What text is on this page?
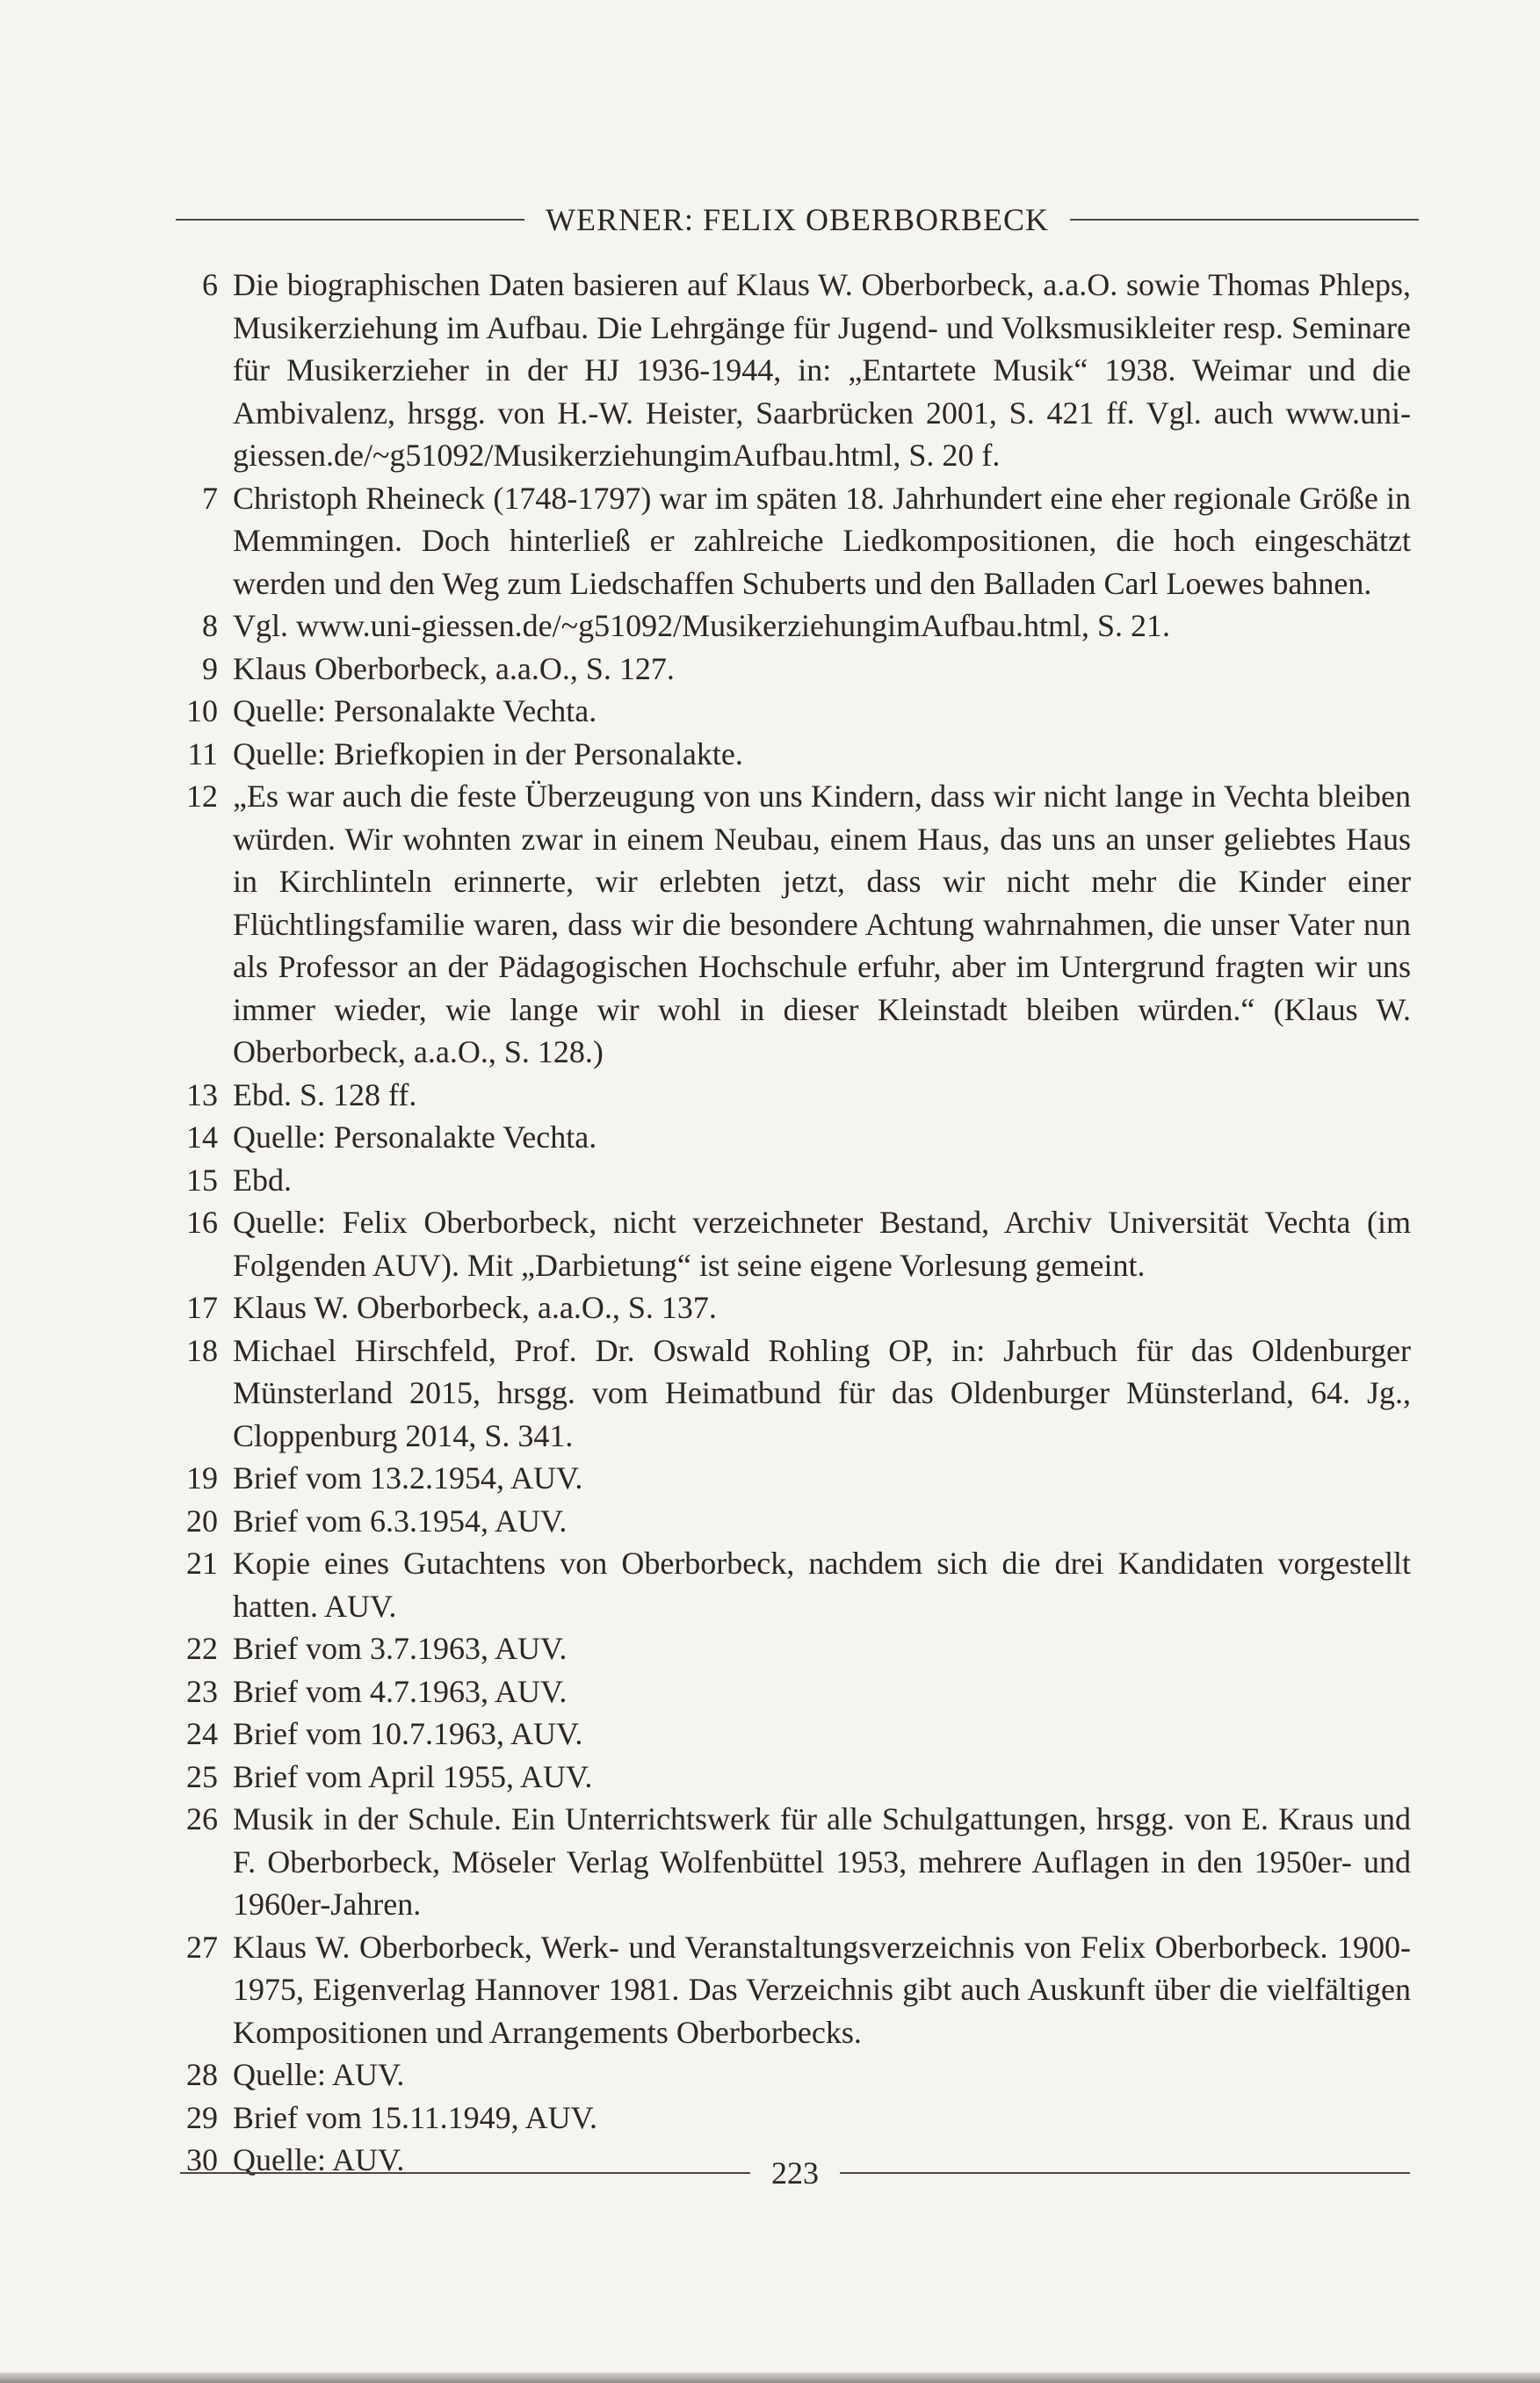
WERNER: FELIX OBERBORBECK
6 Die biographischen Daten basieren auf Klaus W. Oberborbeck, a.a.O. sowie Thomas Phleps, Musikerziehung im Aufbau. Die Lehrgänge für Jugend- und Volksmusikleiter resp. Seminare für Musikerzieher in der HJ 1936-1944, in: „Entartete Musik“ 1938. Weimar und die Ambivalenz, hrsgg. von H.-W. Heister, Saarbrücken 2001, S. 421 ff. Vgl. auch www.uni-giessen.de/~g51092/MusikerziehungimAufbau.html, S. 20 f.
7 Christoph Rheineck (1748-1797) war im späten 18. Jahrhundert eine eher regionale Größe in Memmingen. Doch hinterließ er zahlreiche Liedkompositionen, die hoch eingeschätzt werden und den Weg zum Liedschaffen Schuberts und den Balladen Carl Loewes bahnen.
8 Vgl. www.uni-giessen.de/~g51092/MusikerziehungimAufbau.html, S. 21.
9 Klaus Oberborbeck, a.a.O., S. 127.
10 Quelle: Personalakte Vechta.
11 Quelle: Briefkopien in der Personalakte.
12 „Es war auch die feste Überzeugung von uns Kindern, dass wir nicht lange in Vechta bleiben würden. Wir wohnten zwar in einem Neubau, einem Haus, das uns an unser geliebtes Haus in Kirchlinteln erinnerte, wir erlebten jetzt, dass wir nicht mehr die Kinder einer Flüchtlingsfamilie waren, dass wir die besondere Achtung wahrnahmen, die unser Vater nun als Professor an der Pädagogischen Hochschule erfuhr, aber im Untergrund fragten wir uns immer wieder, wie lange wir wohl in dieser Kleinstadt bleiben würden.“ (Klaus W. Oberborbeck, a.a.O., S. 128.)
13 Ebd. S. 128 ff.
14 Quelle: Personalakte Vechta.
15 Ebd.
16 Quelle: Felix Oberborbeck, nicht verzeichneter Bestand, Archiv Universität Vechta (im Folgenden AUV). Mit „Darbietung“ ist seine eigene Vorlesung gemeint.
17 Klaus W. Oberborbeck, a.a.O., S. 137.
18 Michael Hirschfeld, Prof. Dr. Oswald Rohling OP, in: Jahrbuch für das Oldenburger Münsterland 2015, hrsgg. vom Heimatbund für das Oldenburger Münsterland, 64. Jg., Cloppenburg 2014, S. 341.
19 Brief vom 13.2.1954, AUV.
20 Brief vom 6.3.1954, AUV.
21 Kopie eines Gutachtens von Oberborbeck, nachdem sich die drei Kandidaten vorgestellt hatten. AUV.
22 Brief vom 3.7.1963, AUV.
23 Brief vom 4.7.1963, AUV.
24 Brief vom 10.7.1963, AUV.
25 Brief vom April 1955, AUV.
26 Musik in der Schule. Ein Unterrichtswerk für alle Schulgattungen, hrsgg. von E. Kraus und F. Oberborbeck, Möseler Verlag Wolfenbüttel 1953, mehrere Auflagen in den 1950er- und 1960er-Jahren.
27 Klaus W. Oberborbeck, Werk- und Veranstaltungsverzeichnis von Felix Oberborbeck. 1900-1975, Eigenverlag Hannover 1981. Das Verzeichnis gibt auch Auskunft über die vielfältigen Kompositionen und Arrangements Oberborbecks.
28 Quelle: AUV.
29 Brief vom 15.11.1949, AUV.
30 Quelle: AUV.	223
